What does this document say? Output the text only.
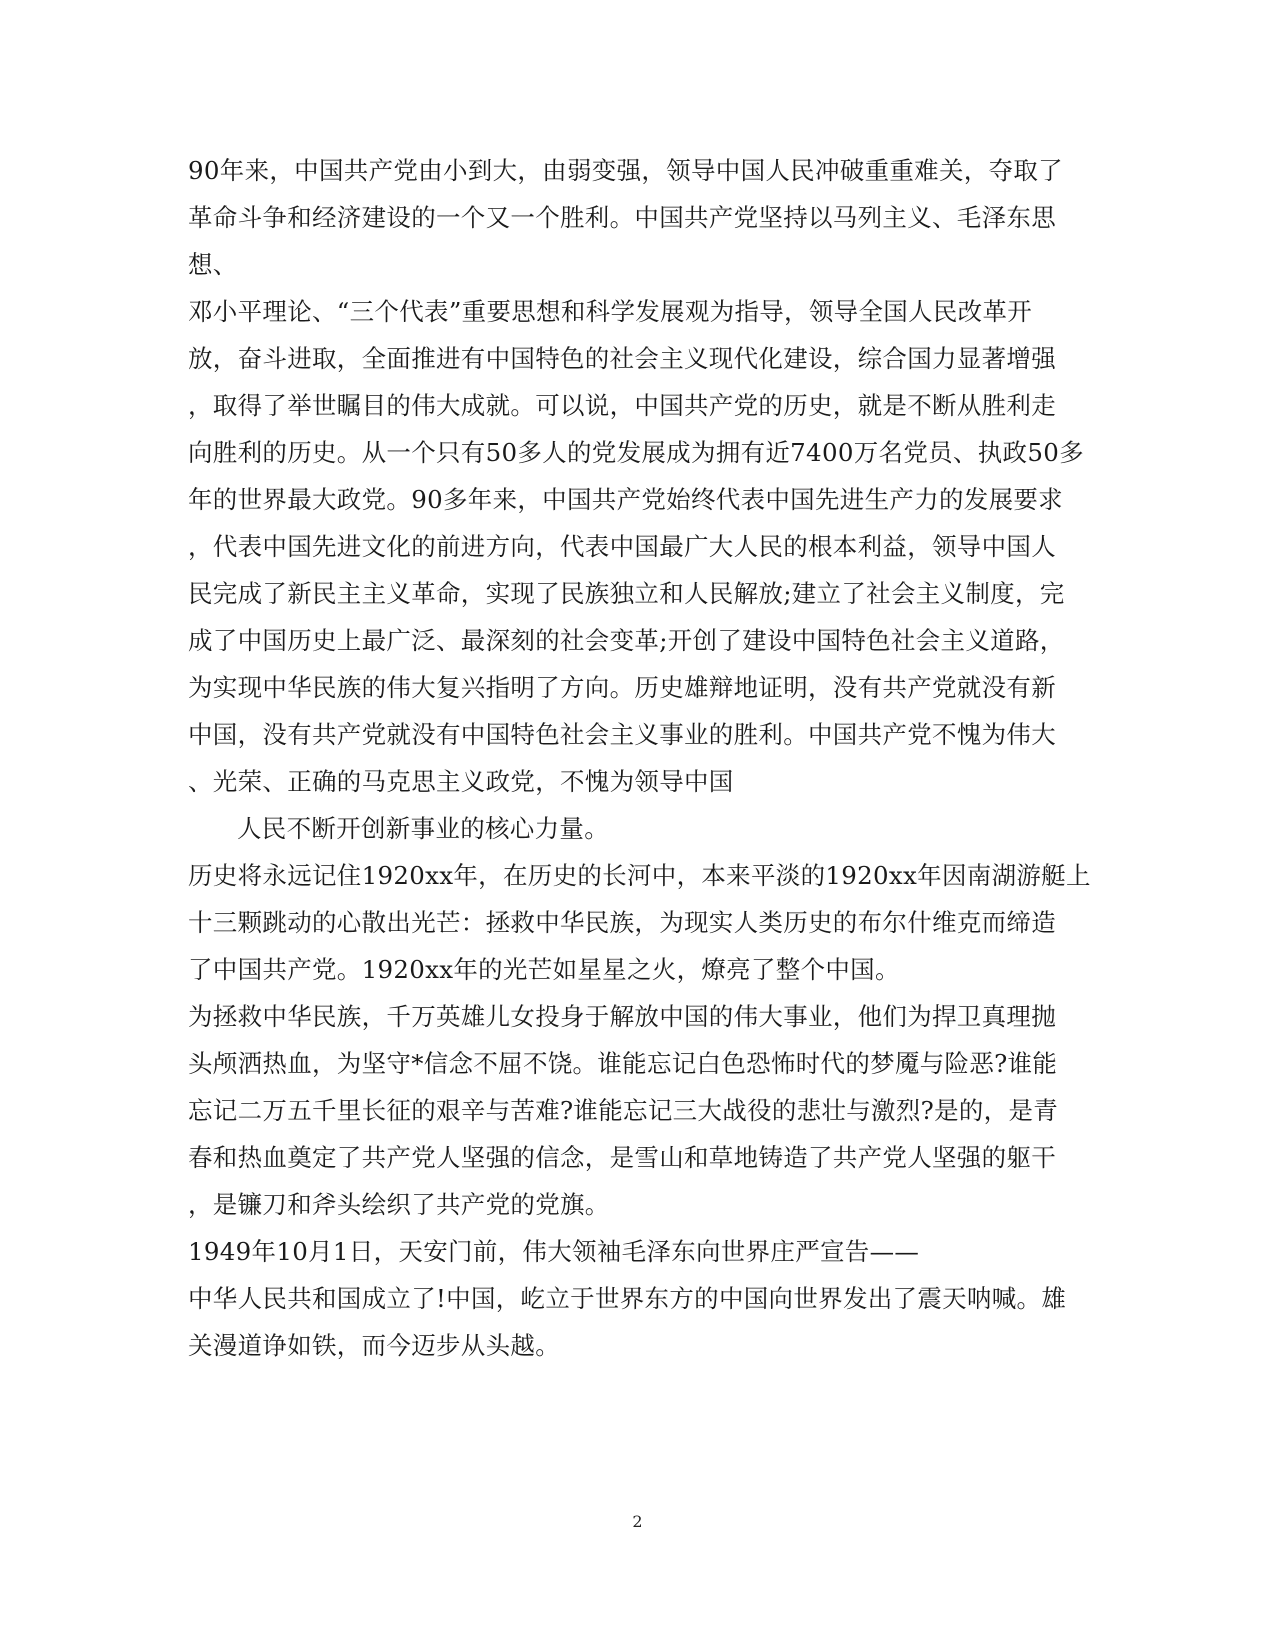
90年来，中国共产党由小到大，由弱变强，领导中国人民冲破重重难关，夺取了
革命斗争和经济建设的一个又一个胜利。中国共产党坚持以马列主义、毛泽东思
想、
邓小平理论、“三个代表”重要思想和科学发展观为指导，领导全国人民改革开
放，奋斗进取，全面推进有中国特色的社会主义现代化建设，综合国力显著增强
，取得了举世瞩目的伟大成就。可以说，中国共产党的历史，就是不断从胜利走
向胜利的历史。从一个只有50多人的党发展成为拥有近7400万名党员、执政50多
年的世界最大政党。90多年来，中国共产党始终代表中国先进生产力的发展要求
，代表中国先进文化的前进方向，代表中国最广大人民的根本利益，领导中国人
民完成了新民主主义革命，实现了民族独立和人民解放;建立了社会主义制度，完
成了中国历史上最广泛、最深刻的社会变革;开创了建设中国特色社会主义道路，
为实现中华民族的伟大复兴指明了方向。历史雄辩地证明，没有共产党就没有新
中国，没有共产党就没有中国特色社会主义事业的胜利。中国共产党不愧为伟大
、光荣、正确的马克思主义政党，不愧为领导中国
人民不断开创新事业的核心力量。
历史将永远记住1920xx年，在历史的长河中，本来平淡的1920xx年因南湖游艇上
十三颗跳动的心散出光芒：拯救中华民族，为现实人类历史的布尔什维克而缔造
了中国共产党。1920xx年的光芒如星星之火，燎亮了整个中国。
为拯救中华民族，千万英雄儿女投身于解放中国的伟大事业，他们为捍卫真理抛
头颅洒热血，为坚守*信念不屈不饶。谁能忘记白色恐怖时代的梦魇与险恶?谁能
忘记二万五千里长征的艰辛与苦难?谁能忘记三大战役的悲壮与激烈?是的，是青
春和热血奠定了共产党人坚强的信念，是雪山和草地铸造了共产党人坚强的躯干
，是镰刀和斧头绘织了共产党的党旗。
1949年10月1日，天安门前，伟大领袖毛泽东向世界庄严宣告——
中华人民共和国成立了!中国，屹立于世界东方的中国向世界发出了震天呐喊。雄
关漫道诤如铁，而今迈步从头越。
2
